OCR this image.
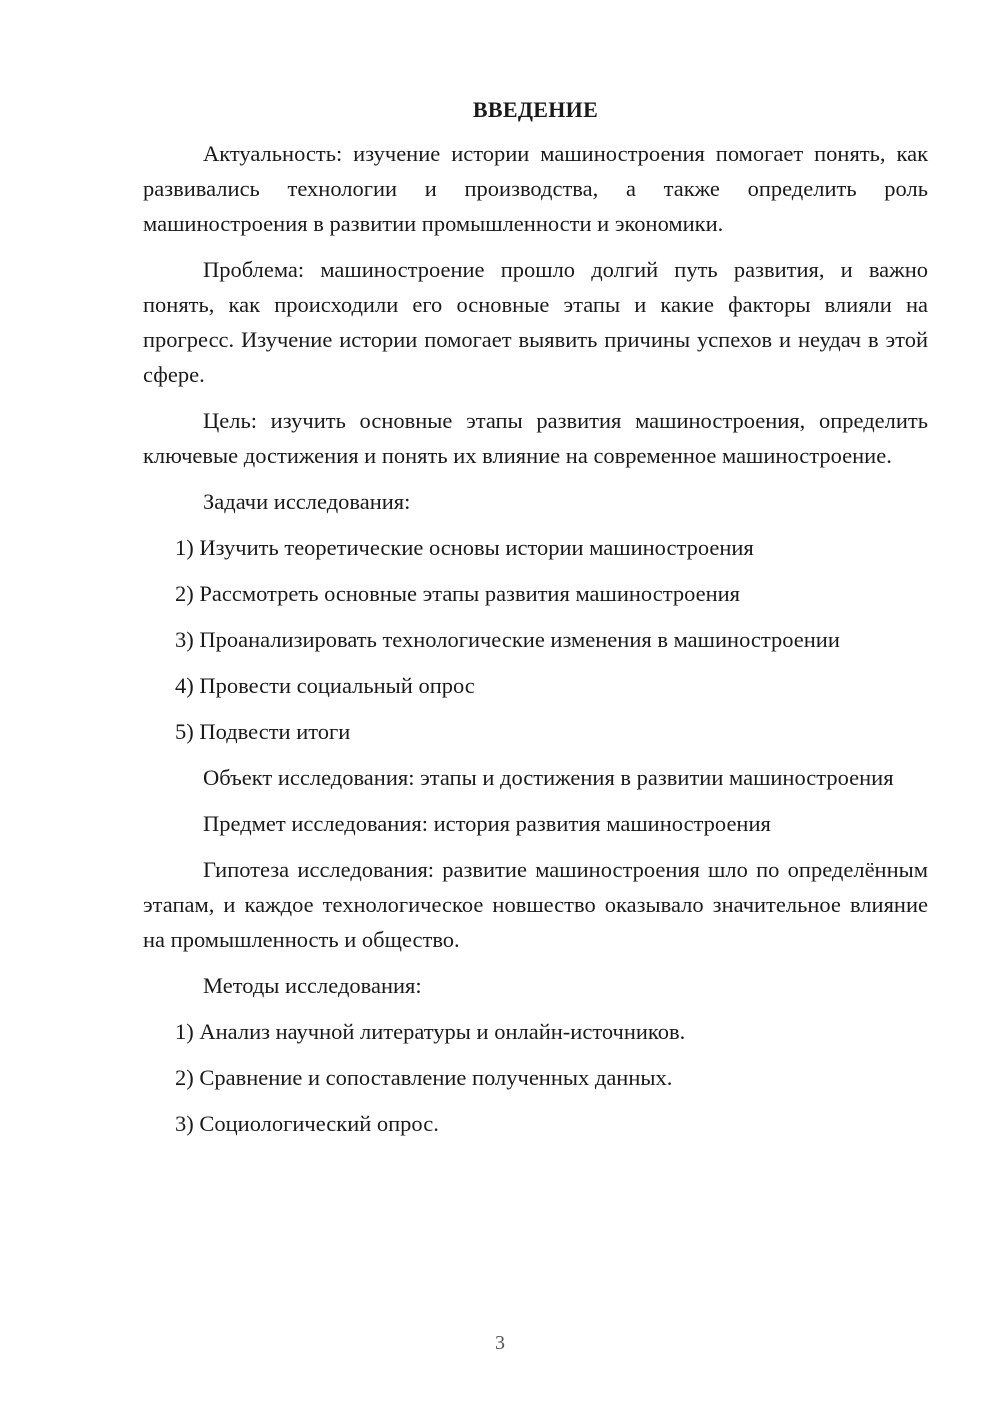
ВВЕДЕНИЕ

Актуальность: изучение истории машиностроения помогает понять, как развивались технологии и производства, а также определить роль машиностроения в развитии промышленности и экономики.

Проблема: машиностроение прошло долгий путь развития, и важно понять, как происходили его основные этапы и какие факторы влияли на прогресс. Изучение истории помогает выявить причины успехов и неудач в этой сфере.

Цель: изучить основные этапы развития машиностроения, определить ключевые достижения и понять их влияние на современное машиностроение.

Задачи исследования:

1) Изучить теоретические основы истории машиностроения
2) Рассмотреть основные этапы развития машиностроения
3) Проанализировать технологические изменения в машиностроении
4) Провести социальный опрос
5) Подвести итоги

Объект исследования: этапы и достижения в развитии машиностроения

Предмет исследования: история развития машиностроения

Гипотеза исследования: развитие машиностроения шло по определённым этапам, и каждое технологическое новшество оказывало значительное влияние на промышленность и общество.

Методы исследования:

1) Анализ научной литературы и онлайн-источников.
2) Сравнение и сопоставление полученных данных.
3) Социологический опрос.
3
